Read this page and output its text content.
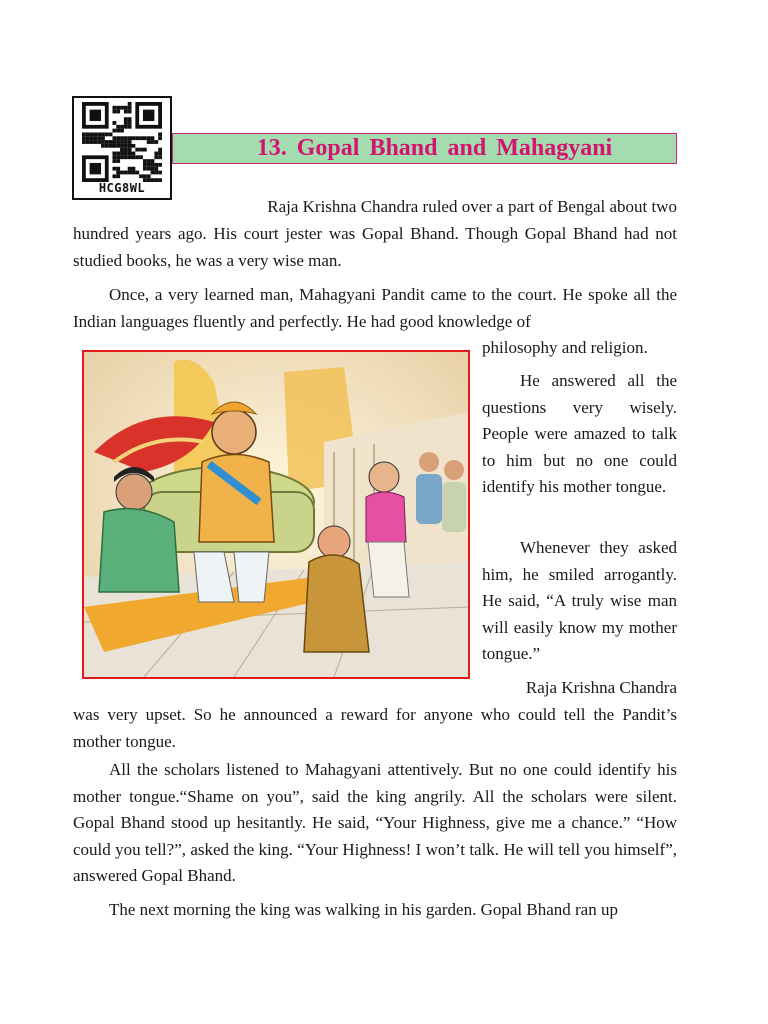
HCG8WL
13. Gopal Bhand and Mahagyani
Raja Krishna Chandra ruled over a part of Bengal about two
hundred years ago. His court jester was Gopal Bhand. Though Gopal Bhand had not studied books, he was a very wise man.
Once, a very learned man, Mahagyani Pandit came to the court. He spoke all the Indian languages fluently and perfectly. He had good knowledge of
philosophy and religion.
He answered all the questions very wisely. People were amazed to talk to him but no one could identify his mother tongue.
Whenever they asked him, he smiled arrogantly. He said, “A truly wise man will easily know my mother tongue.”
Raja Krishna Chandra
was very upset. So he announced a reward for anyone who could tell the Pandit’s mother tongue.
All the scholars listened to Mahagyani attentively. But no one could identify his mother tongue.“Shame on you”, said the king angrily. All the scholars were silent. Gopal Bhand stood up hesitantly. He said, “Your Highness, give me a chance.” “How could you tell?”, asked the king. “Your Highness! I won’t talk. He will tell you himself”, answered Gopal Bhand.
The next morning the king was walking in his garden. Gopal Bhand ran up
